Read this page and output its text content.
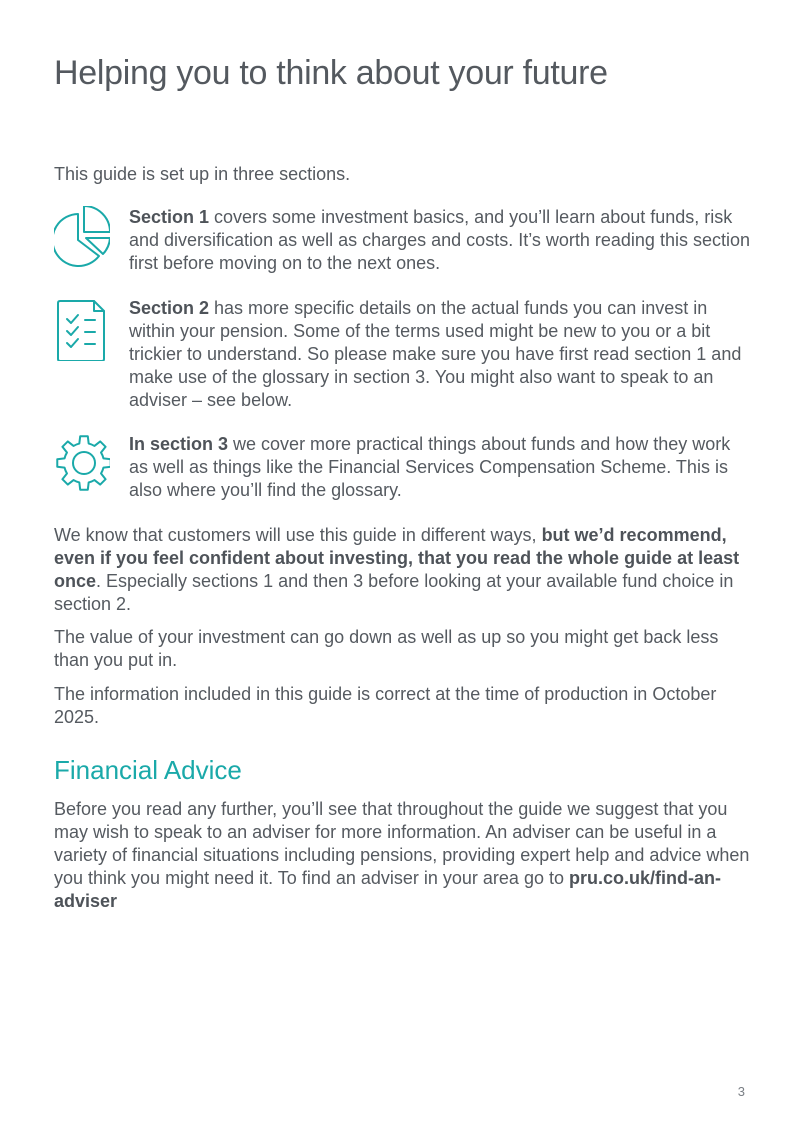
Helping you to think about your future

This guide is set up in three sections.

Section 1 covers some investment basics, and you’ll learn about funds, risk and diversification as well as charges and costs. It’s worth reading this section first before moving on to the next ones.

Section 2 has more specific details on the actual funds you can invest in within your pension. Some of the terms used might be new to you or a bit trickier to understand. So please make sure you have first read section 1 and make use of the glossary in section 3. You might also want to speak to an adviser – see below.

In section 3 we cover more practical things about funds and how they work as well as things like the Financial Services Compensation Scheme. This is also where you’ll find the glossary.

We know that customers will use this guide in different ways, but we’d recommend, even if you feel confident about investing, that you read the whole guide at least once. Especially sections 1 and then 3 before looking at your available fund choice in section 2.

The value of your investment can go down as well as up so you might get back less than you put in.

The information included in this guide is correct at the time of production in October 2025.

Financial Advice

Before you read any further, you’ll see that throughout the guide we suggest that you may wish to speak to an adviser for more information. An adviser can be useful in a variety of financial situations including pensions, providing expert help and advice when you think you might need it. To find an adviser in your area go to pru.co.uk/find-an-adviser

3
